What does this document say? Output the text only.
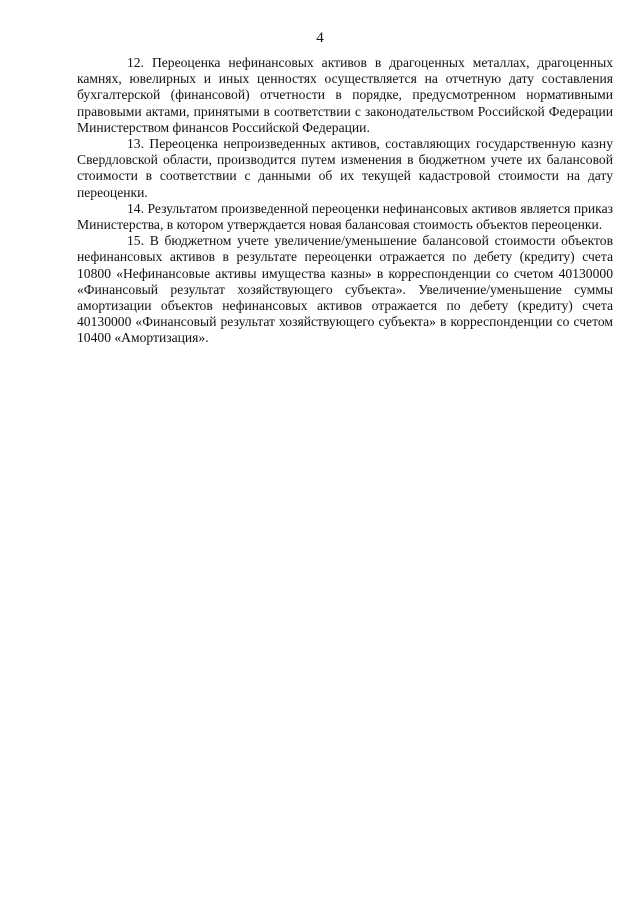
4

12. Переоценка нефинансовых активов в драгоценных металлах, драгоценных камнях, ювелирных и иных ценностях осуществляется на отчетную дату составления бухгалтерской (финансовой) отчетности в порядке, предусмотренном нормативными правовыми актами, принятыми в соответствии с законодательством Российской Федерации Министерством финансов Российской Федерации.

13. Переоценка непроизведенных активов, составляющих государственную казну Свердловской области, производится путем изменения в бюджетном учете их балансовой стоимости в соответствии с данными об их текущей кадастровой стоимости на дату переоценки.

14. Результатом произведенной переоценки нефинансовых активов является приказ Министерства, в котором утверждается новая балансовая стоимость объектов переоценки.

15. В бюджетном учете увеличение/уменьшение балансовой стоимости объектов нефинансовых активов в результате переоценки отражается по дебету (кредиту) счета 10800 «Нефинансовые активы имущества казны» в корреспонденции со счетом 40130000 «Финансовый результат хозяйствующего субъекта». Увеличение/уменьшение суммы амортизации объектов нефинансовых активов отражается по дебету (кредиту) счета 40130000 «Финансовый результат хозяйствующего субъекта» в корреспонденции со счетом 10400 «Амортизация».
